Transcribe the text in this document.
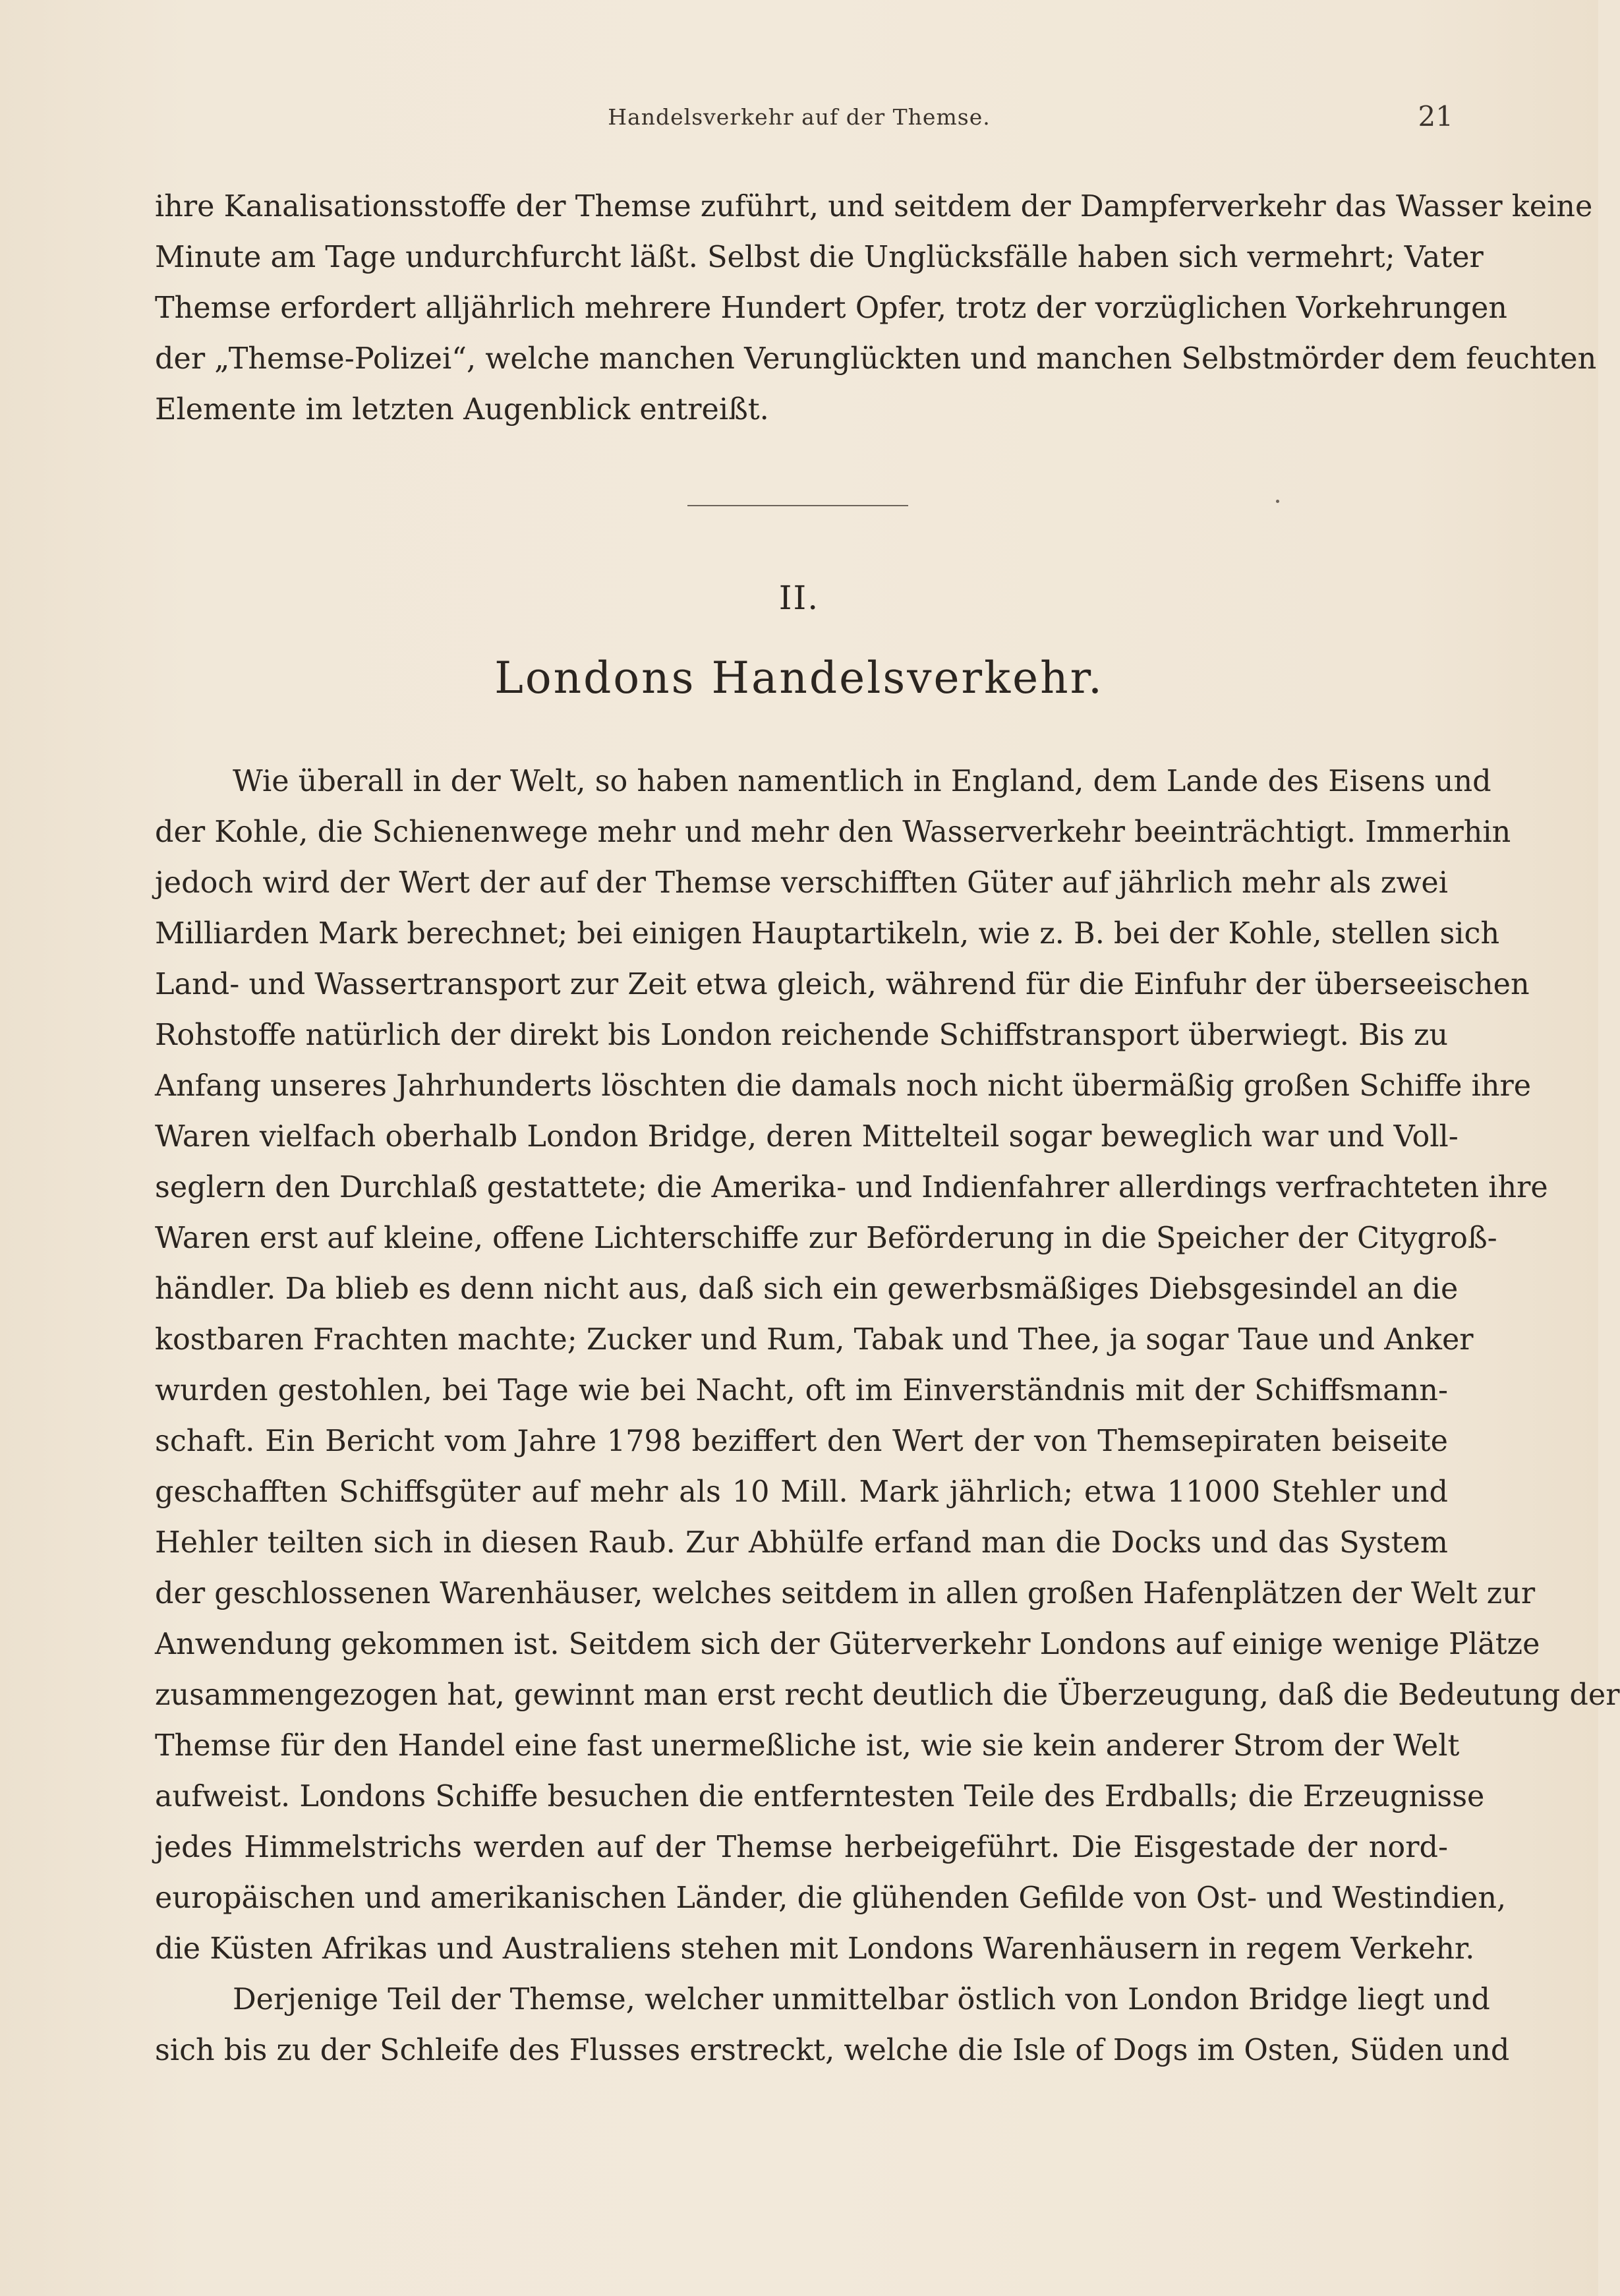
Handelsverkehr auf der Themse.	21
ihre Kanalisationsstoffe der Themse zuführt, und seitdem der Dampferverkehr das Wasser keine
Minute am Tage undurchfurcht läßt. Selbst die Unglücksfälle haben sich vermehrt; Vater
Themse erfordert alljährlich mehrere Hundert Opfer, trotz der vorzüglichen Vorkehrungen
der „Themse-Polizei“, welche manchen Verunglückten und manchen Selbstmörder dem feuchten
Elemente im letzten Augenblick entreißt.
II.
Londons Handelsverkehr.
Wie überall in der Welt, so haben namentlich in England, dem Lande des Eisens und
der Kohle, die Schienenwege mehr und mehr den Wasserverkehr beeinträchtigt. Immerhin
jedoch wird der Wert der auf der Themse verschifften Güter auf jährlich mehr als zwei
Milliarden Mark berechnet; bei einigen Hauptartikeln, wie z. B. bei der Kohle, stellen sich
Land- und Wassertransport zur Zeit etwa gleich, während für die Einfuhr der überseeischen
Rohstoffe natürlich der direkt bis London reichende Schiffstransport überwiegt. Bis zu
Anfang unseres Jahrhunderts löschten die damals noch nicht übermäßig großen Schiffe ihre
Waren vielfach oberhalb London Bridge, deren Mittelteil sogar beweglich war und Voll-
seglern den Durchlaß gestattete; die Amerika- und Indienfahrer allerdings verfrachteten ihre
Waren erst auf kleine, offene Lichterschiffe zur Beförderung in die Speicher der Citygroß-
händler. Da blieb es denn nicht aus, daß sich ein gewerbsmäßiges Diebsgesindel an die
kostbaren Frachten machte; Zucker und Rum, Tabak und Thee, ja sogar Taue und Anker
wurden gestohlen, bei Tage wie bei Nacht, oft im Einverständnis mit der Schiffsmann-
schaft. Ein Bericht vom Jahre 1798 beziffert den Wert der von Themsepiraten beiseite
geschafften Schiffsgüter auf mehr als 10 Mill. Mark jährlich; etwa 11000 Stehler und
Hehler teilten sich in diesen Raub. Zur Abhülfe erfand man die Docks und das System
der geschlossenen Warenhäuser, welches seitdem in allen großen Hafenplätzen der Welt zur
Anwendung gekommen ist. Seitdem sich der Güterverkehr Londons auf einige wenige Plätze
zusammengezogen hat, gewinnt man erst recht deutlich die Überzeugung, daß die Bedeutung der
Themse für den Handel eine fast unermeßliche ist, wie sie kein anderer Strom der Welt
aufweist. Londons Schiffe besuchen die entferntesten Teile des Erdballs; die Erzeugnisse
jedes Himmelstrichs werden auf der Themse herbeigeführt. Die Eisgestade der nord-
europäischen und amerikanischen Länder, die glühenden Gefilde von Ost- und Westindien,
die Küsten Afrikas und Australiens stehen mit Londons Warenhäusern in regem Verkehr.
Derjenige Teil der Themse, welcher unmittelbar östlich von London Bridge liegt und
sich bis zu der Schleife des Flusses erstreckt, welche die Isle of Dogs im Osten, Süden und
